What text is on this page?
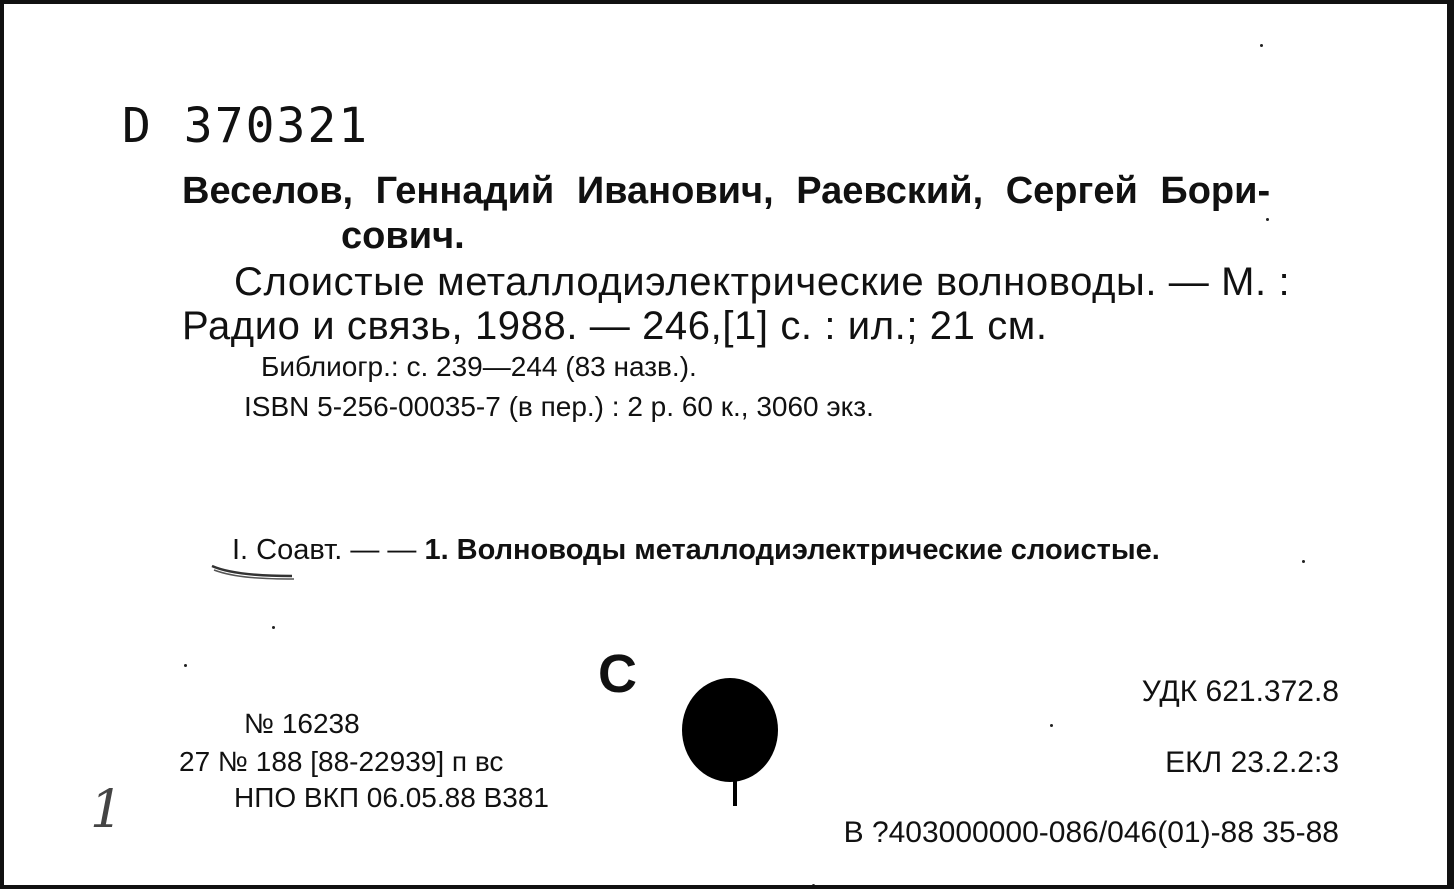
D 370321
Веселов, Геннадий Иванович, Раевский, Сергей Бори-
сович.
Слоистые металлодиэлектрические волноводы. — М. :
Радио и связь, 1988. — 246,[1] с. : ил.; 21 см.
Библиогр.: с. 239—244 (83 назв.).
ISBN 5-256-00035-7 (в пер.) : 2 р. 60 к., 3060 экз.
I. Соавт. — — 1. Волноводы металлодиэлектрические слоистые.
С
№ 16238
27 № 188 [88-22939] п вс
НПО ВКП 06.05.88 В381
УДК 621.372.8
ЕКЛ 23.2.2:3
В ?403000000-086/046(01)-88 35-88
1
